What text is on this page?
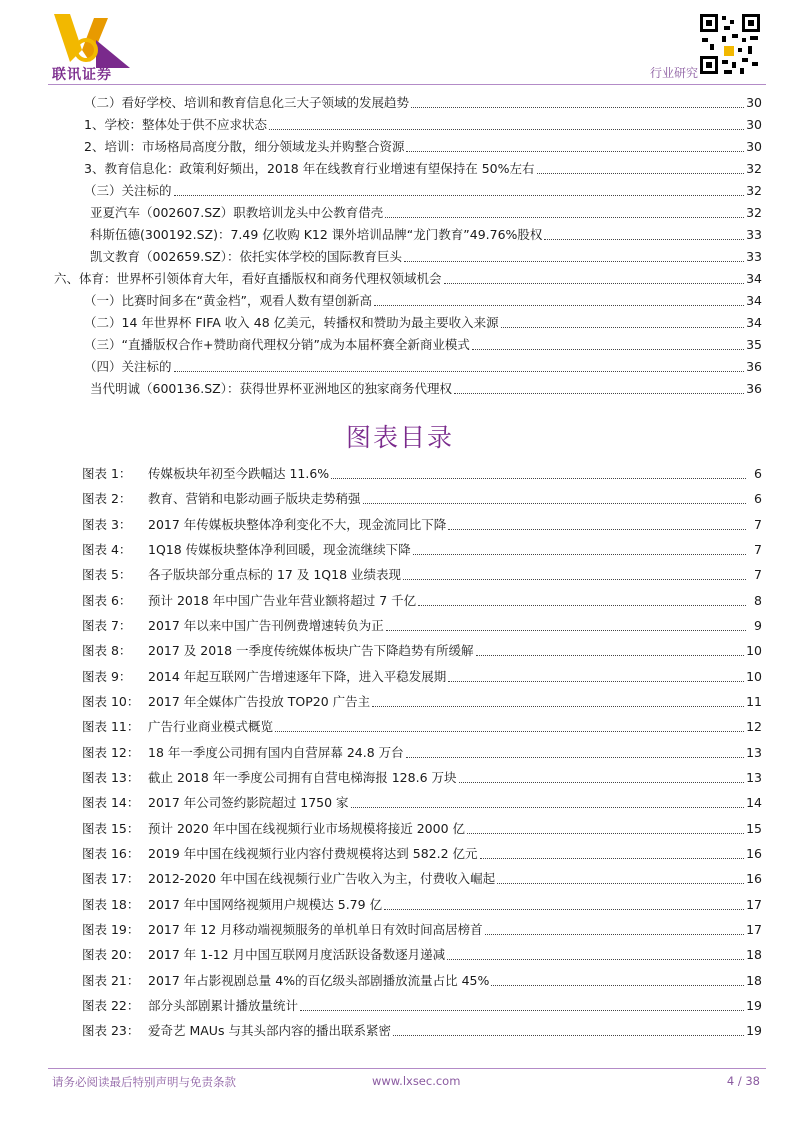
联讯证券	行业研究
（二）看好学校、培训和教育信息化三大子领域的发展趋势	30
1、学校：整体处于供不应求状态	30
2、培训：市场格局高度分散，细分领域龙头并购整合资源	30
3、教育信息化：政策利好频出，2018 年在线教育行业增速有望保持在 50%左右	32
（三）关注标的	32
亚夏汽车（002607.SZ）职教培训龙头中公教育借壳	32
科斯伍德(300192.SZ)：7.49 亿收购 K12 课外培训品牌“龙门教育”49.76%股权	33
凯文教育（002659.SZ）：依托实体学校的国际教育巨头	33
六、体育：世界杯引领体育大年，看好直播版权和商务代理权领域机会	34
（一）比赛时间多在“黄金档”，观看人数有望创新高	34
（二）14 年世界杯 FIFA 收入 48 亿美元，转播权和赞助为最主要收入来源	34
（三）“直播版权合作+赞助商代理权分销”成为本届杯赛全新商业模式	35
（四）关注标的	36
当代明诚（600136.SZ）：获得世界杯亚洲地区的独家商务代理权	36
图表目录
图表 1：	传媒板块年初至今跌幅达 11.6%	6
图表 2：	教育、营销和电影动画子版块走势稍强	6
图表 3：	2017 年传媒板块整体净利变化不大，现金流同比下降	7
图表 4：	1Q18 传媒板块整体净利回暖，现金流继续下降	7
图表 5：	各子版块部分重点标的 17 及 1Q18 业绩表现	7
图表 6：	预计 2018 年中国广告业年营业额将超过 7 千亿	8
图表 7：	2017 年以来中国广告刊例费增速转负为正	9
图表 8：	2017 及 2018 一季度传统媒体板块广告下降趋势有所缓解	10
图表 9：	2014 年起互联网广告增速逐年下降，进入平稳发展期	10
图表 10： 2017 年全媒体广告投放 TOP20 广告主	11
图表 11： 广告行业商业模式概览	12
图表 12： 18 年一季度公司拥有国内自营屏幕 24.8 万台	13
图表 13： 截止 2018 年一季度公司拥有自营电梯海报 128.6 万块	13
图表 14： 2017 年公司签约影院超过 1750 家	14
图表 15： 预计 2020 年中国在线视频行业市场规模将接近 2000 亿	15
图表 16： 2019 年中国在线视频行业内容付费规模将达到 582.2 亿元	16
图表 17： 2012-2020 年中国在线视频行业广告收入为主，付费收入崛起	16
图表 18： 2017 年中国网络视频用户规模达 5.79 亿	17
图表 19： 2017 年 12 月移动端视频服务的单机单日有效时间高居榜首	17
图表 20： 2017 年 1-12 月中国互联网月度活跃设备数逐月递减	18
图表 21： 2017 年占影视剧总量 4%的百亿级头部剧播放流量占比 45%	18
图表 22： 部分头部剧累计播放量统计	19
图表 23： 爱奇艺 MAUs 与其头部内容的播出联系紧密	19
请务必阅读最后特别声明与免责条款	www.lxsec.com	4 / 38
